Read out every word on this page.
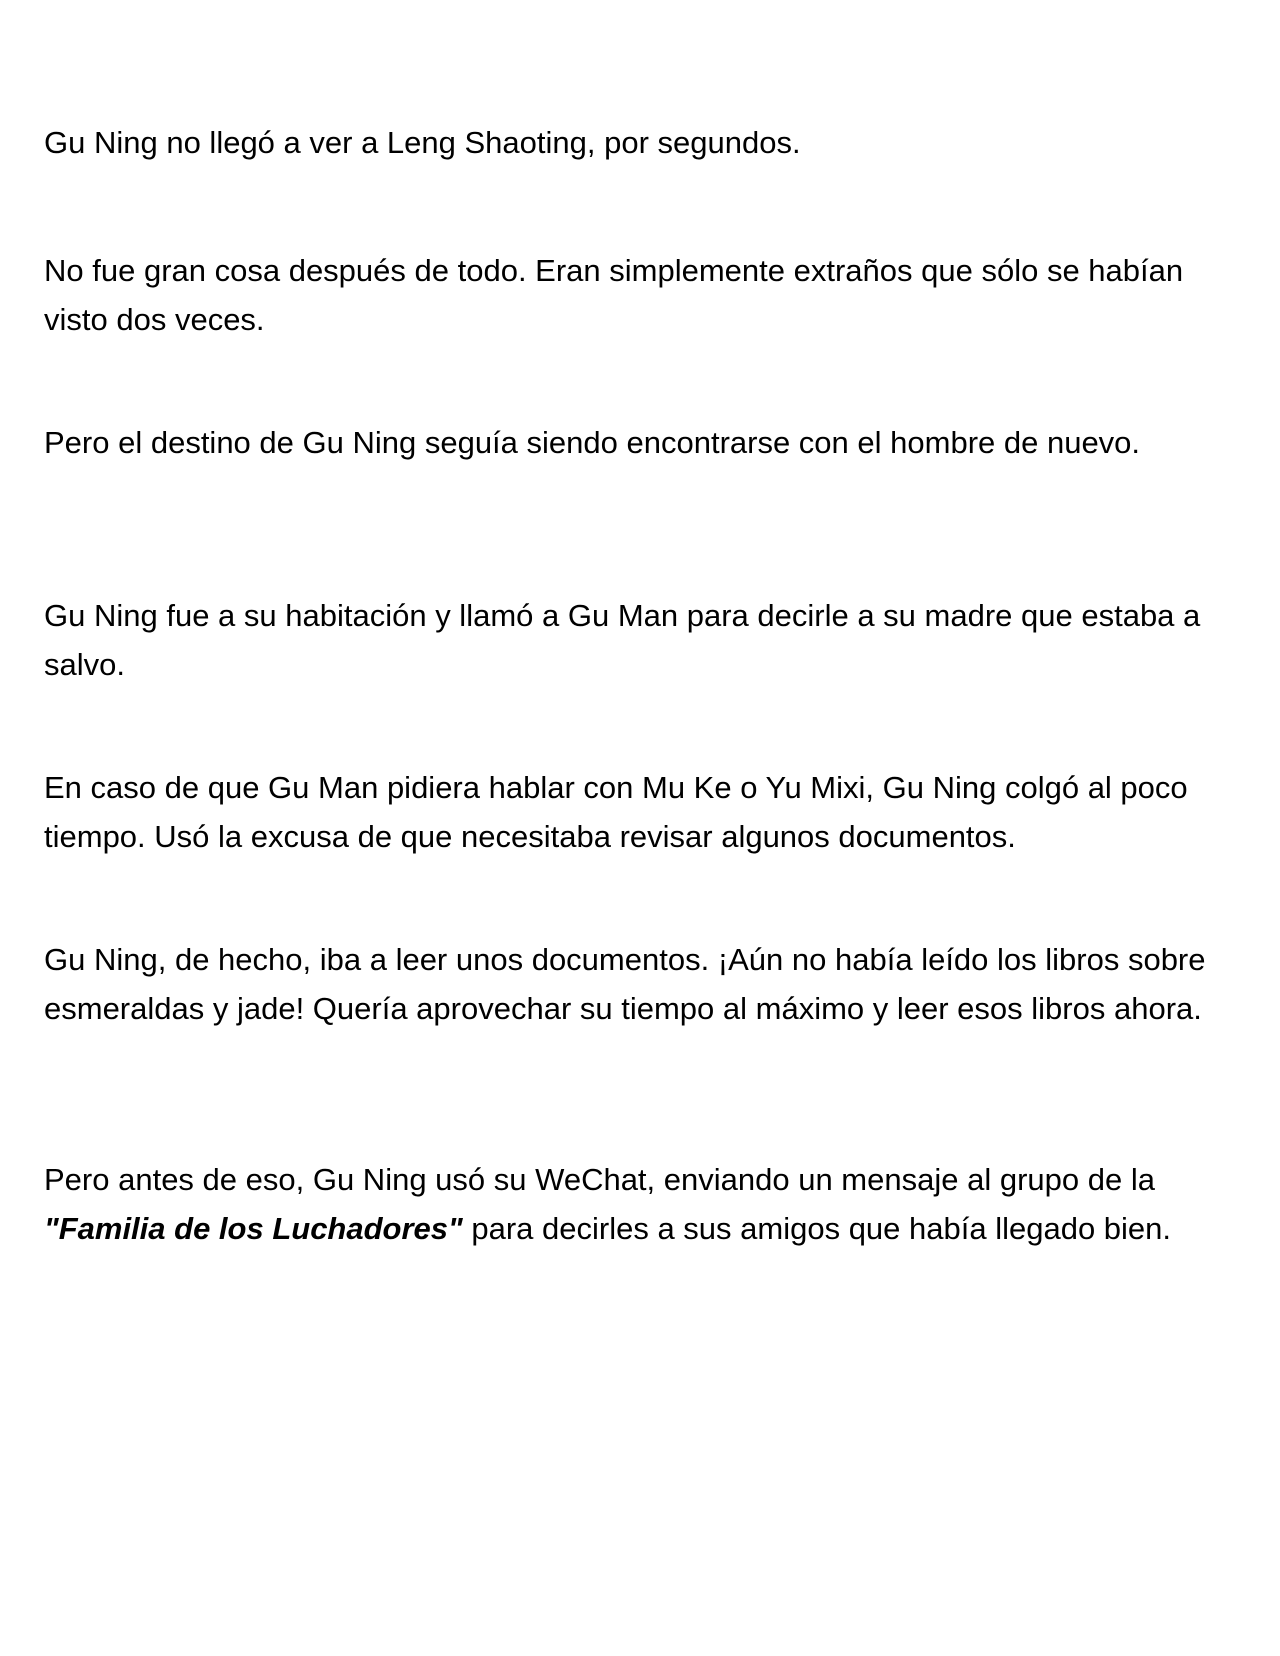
Gu Ning no llegó a ver a Leng Shaoting, por segundos.

No fue gran cosa después de todo. Eran simplemente extraños que sólo se habían visto dos veces.

Pero el destino de Gu Ning seguía siendo encontrarse con el hombre de nuevo.

Gu Ning fue a su habitación y llamó a Gu Man para decirle a su madre que estaba a salvo.

En caso de que Gu Man pidiera hablar con Mu Ke o Yu Mixi, Gu Ning colgó al poco tiempo. Usó la excusa de que necesitaba revisar algunos documentos.

Gu Ning, de hecho, iba a leer unos documentos. ¡Aún no había leído los libros sobre esmeraldas y jade! Quería aprovechar su tiempo al máximo y leer esos libros ahora.

Pero antes de eso, Gu Ning usó su WeChat, enviando un mensaje al grupo de la "Familia de los Luchadores" para decirles a sus amigos que había llegado bien.
